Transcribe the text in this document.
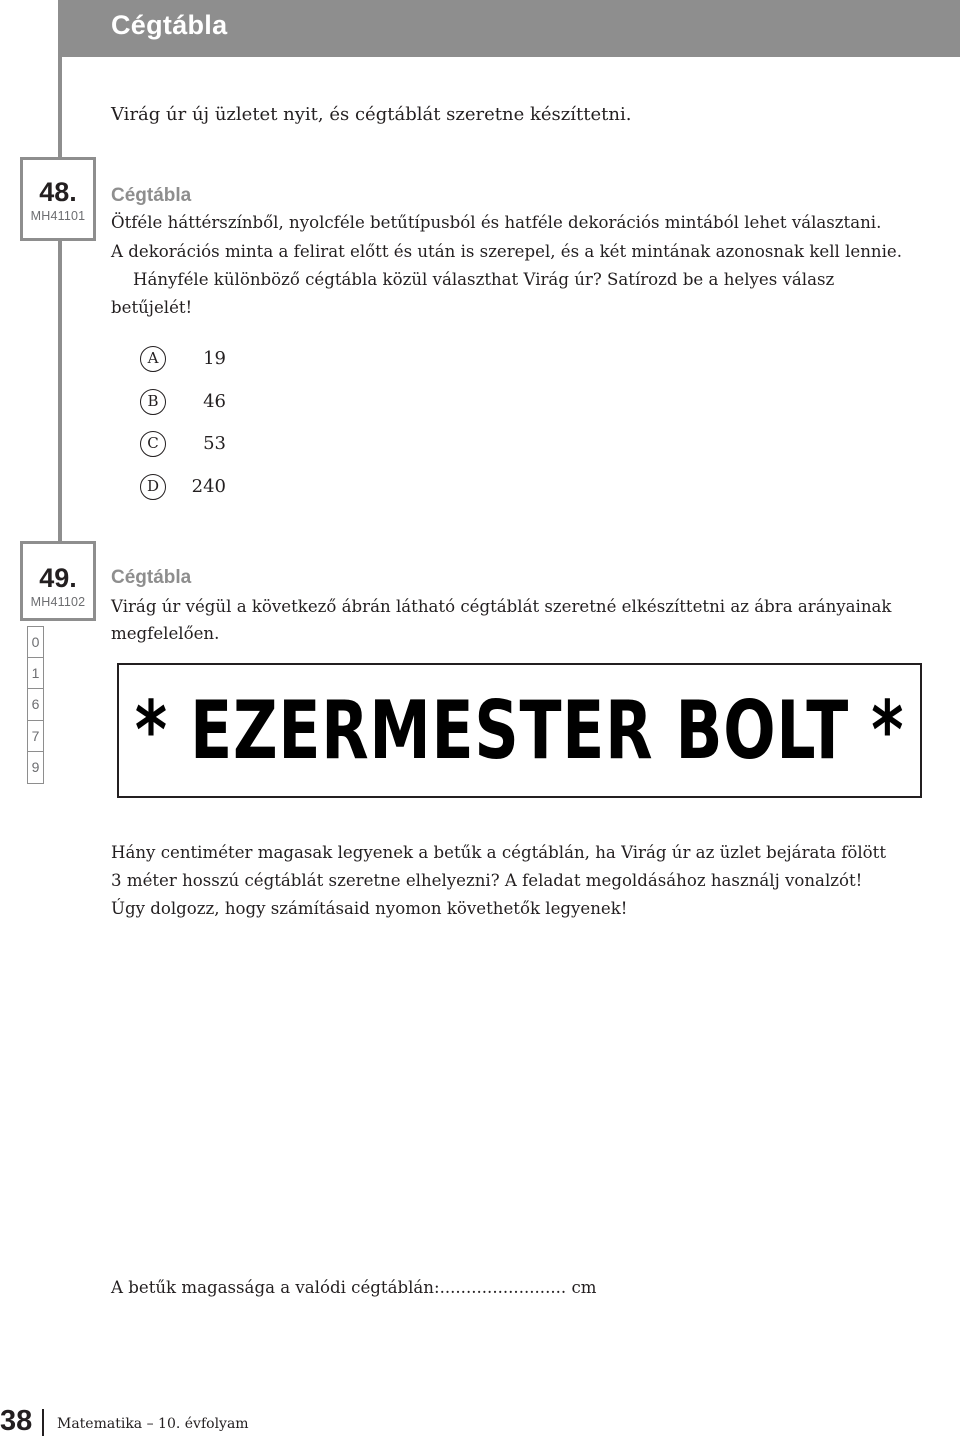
Cégtábla
Virág úr új üzletet nyit, és cégtáblát szeretne készíttetni.
48.
MH41101
Cégtábla
Ötféle háttérszínből, nyolcféle betűtípusból és hatféle dekorációs mintából lehet választani.
A dekorációs minta a felirat előtt és után is szerepel, és a két mintának azonosnak kell lennie.
Hányféle különböző cégtábla közül választhat Virág úr? Satírozd be a helyes válasz
betűjelét!
A	19
B	46
C	53
D	240
49.
MH41102
0
1
6
7
9
Cégtábla
Virág úr végül a következő ábrán látható cégtáblát szeretné elkészíttetni az ábra arányainak
megfelelően.
* EZERMESTER BOLT *
Hány centiméter magasak legyenek a betűk a cégtáblán, ha Virág úr az üzlet bejárata fölött
3 méter hosszú cégtáblát szeretne elhelyezni? A feladat megoldásához használj vonalzót!
Úgy dolgozz, hogy számításaid nyomon követhetők legyenek!
A betűk magassága a valódi cégtáblán:........................ cm
38 Matematika – 10. évfolyam
